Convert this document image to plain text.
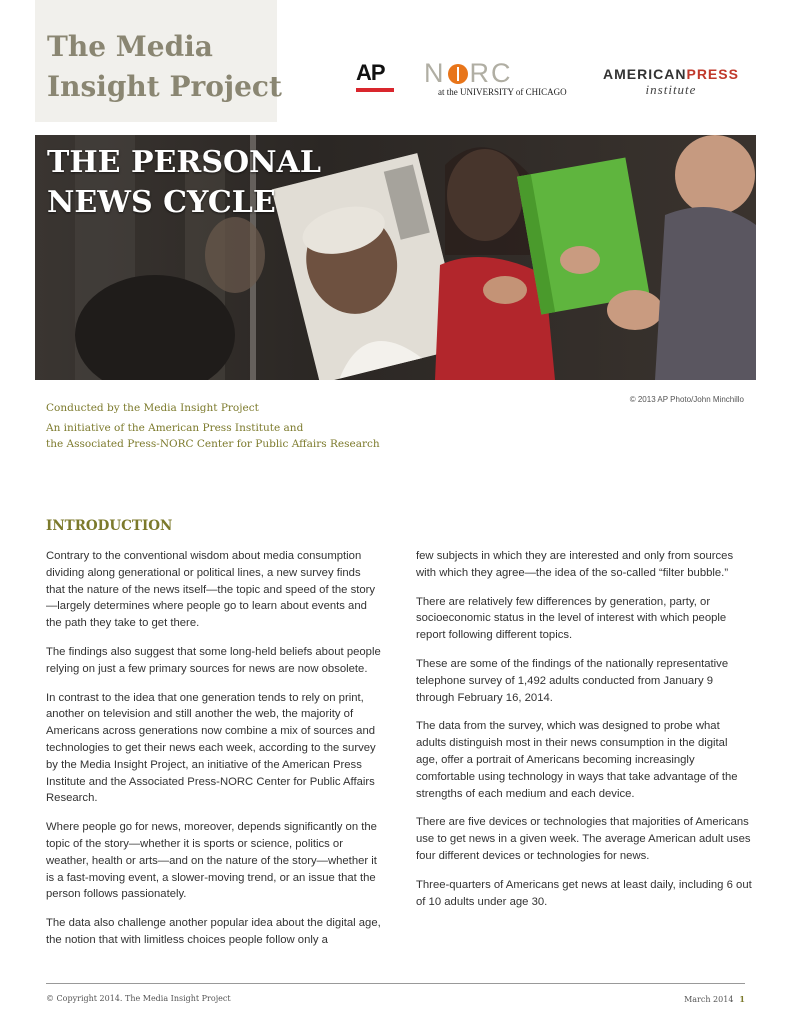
The Media
Insight Project	AP	N RC
at the UNIVERSITY of CHICAGO
AMERICANPRESS
institute
THE PERSONAL
NEWS CYCLE
© 2013 AP Photo/John Minchillo
Conducted by the Media Insight Project
An initiative of the American Press Institute and
the Associated Press-NORC Center for Public Affairs Research
INTRODUCTION

Contrary to the conventional wisdom about media consumption dividing along generational or political lines, a new survey finds that the nature of the news itself—the topic and speed of the story—largely determines where people go to learn about events and the path they take to get there.

The findings also suggest that some long-held beliefs about people relying on just a few primary sources for news are now obsolete.

In contrast to the idea that one generation tends to rely on print, another on television and still another the web, the majority of Americans across generations now combine a mix of sources and technologies to get their news each week, according to the survey by the Media Insight Project, an initiative of the American Press Institute and the Associated Press-NORC Center for Public Affairs Research.

Where people go for news, moreover, depends significantly on the topic of the story—whether it is sports or science, politics or weather, health or arts—and on the nature of the story—whether it is a fast-moving event, a slower-moving trend, or an issue that the person follows passionately.

The data also challenge another popular idea about the digital age, the notion that with limitless choices people follow only a

few subjects in which they are interested and only from sources with which they agree—the idea of the so-called “filter bubble.”

There are relatively few differences by generation, party, or socioeconomic status in the level of interest with which people report following different topics.

These are some of the findings of the nationally representative telephone survey of 1,492 adults conducted from January 9 through February 16, 2014.

The data from the survey, which was designed to probe what adults distinguish most in their news consumption in the digital age, offer a portrait of Americans becoming increasingly comfortable using technology in ways that take advantage of the strengths of each medium and each device.

There are five devices or technologies that majorities of Americans use to get news in a given week. The average American adult uses four different devices or technologies for news.

Three-quarters of Americans get news at least daily, including 6 out of 10 adults under age 30.

© Copyright 2014. The Media Insight Project	March 2014 1
